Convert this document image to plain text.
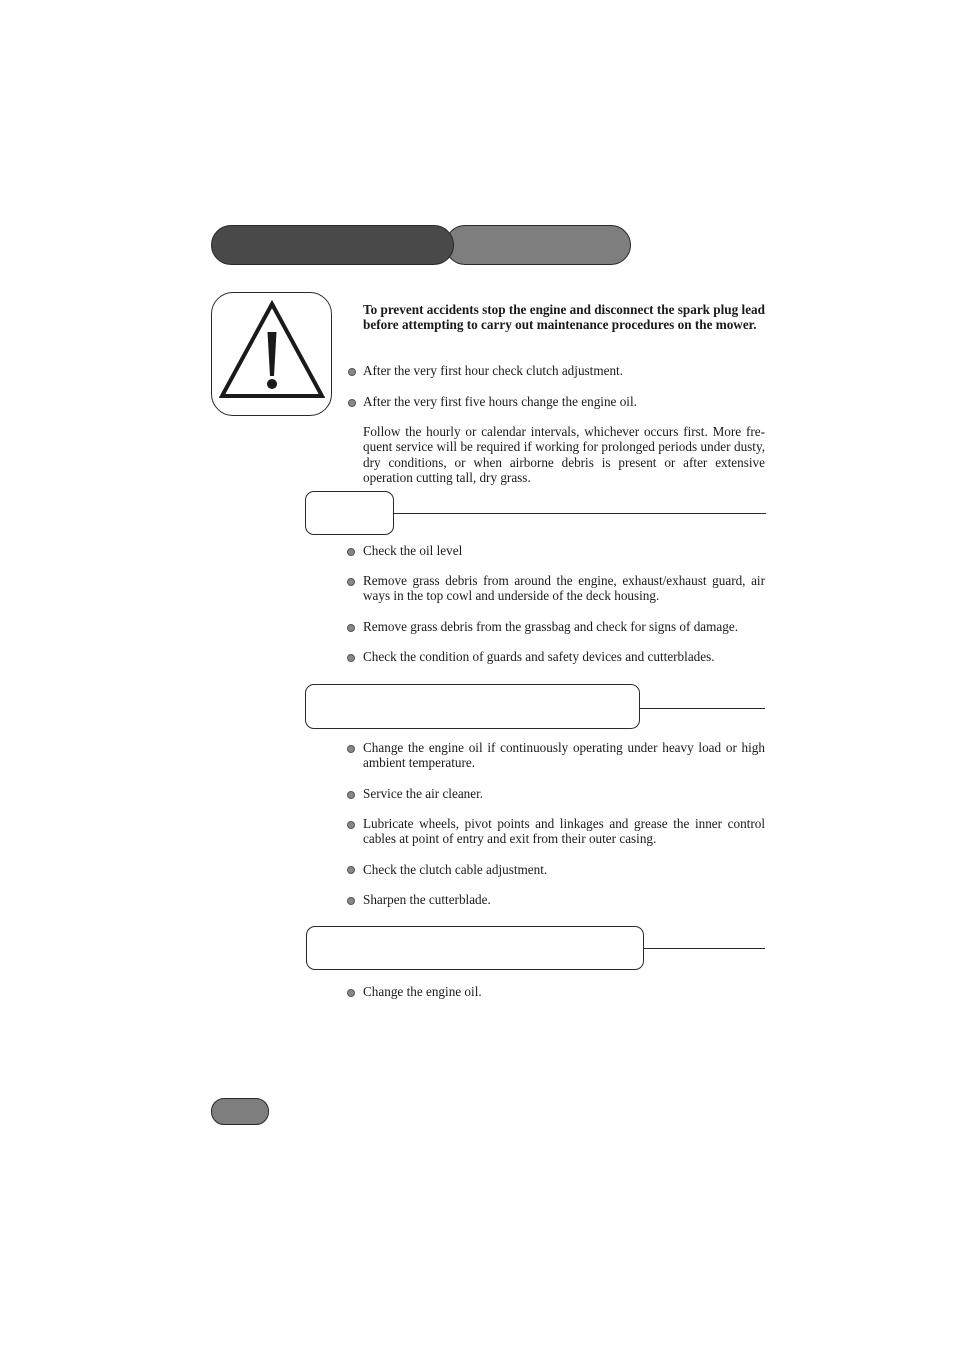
To prevent accidents stop the engine and disconnect the spark plug lead before attempting to carry out maintenance procedures on the mower.
After the very first hour check clutch adjustment.
After the very first five hours change the engine oil.
Follow the hourly or calendar intervals, whichever occurs first. More fre-quent service will be required if working for prolonged periods under dusty, dry conditions, or when airborne debris is present or after extensive operation cutting tall, dry grass.
Check the oil level
Remove grass debris from around the engine, exhaust/exhaust guard, air ways in the top cowl and underside of the deck housing.
Remove grass debris from the grassbag and check for signs of damage.
Check the condition of guards and safety devices and cutterblades.
Change the engine oil if continuously operating under heavy load or high ambient temperature.
Service the air cleaner.
Lubricate wheels, pivot points and linkages and grease the inner control cables at point of entry and exit from their outer casing.
Check the clutch cable adjustment.
Sharpen the cutterblade.
Change the engine oil.
